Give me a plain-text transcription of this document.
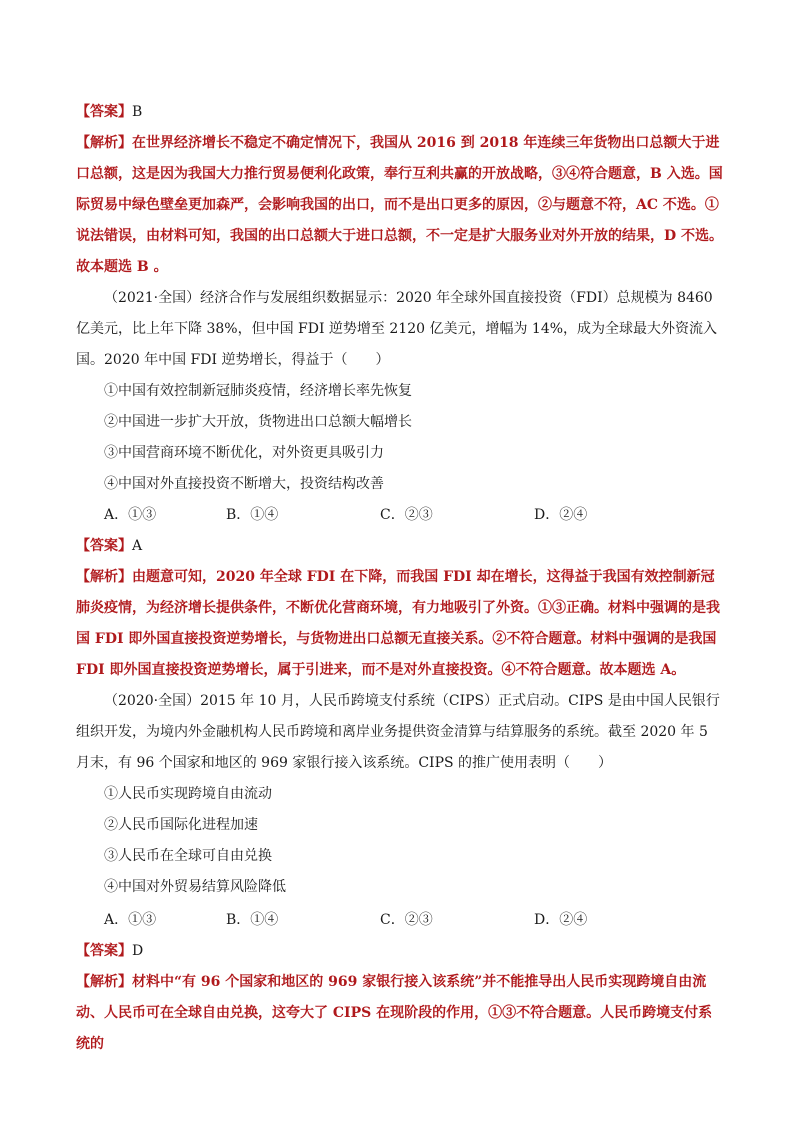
【答案】B
【解析】在世界经济增长不稳定不确定情况下，我国从 2016 到 2018 年连续三年货物出口总额大于进口总额，这是因为我国大力推行贸易便利化政策，奉行互利共赢的开放战略，③④符合题意，B 入选。国际贸易中绿色壁垒更加森严，会影响我国的出口，而不是出口更多的原因，②与题意不符，AC 不选。①说法错误，由材料可知，我国的出口总额大于进口总额，不一定是扩大服务业对外开放的结果，D 不选。故本题选 B 。
（2021·全国）经济合作与发展组织数据显示：2020 年全球外国直接投资（FDI）总规模为 8460 亿美元，比上年下降 38%，但中国 FDI 逆势增至 2120 亿美元，增幅为 14%，成为全球最大外资流入国。2020 年中国 FDI 逆势增长，得益于（　　）
①中国有效控制新冠肺炎疫情，经济增长率先恢复
②中国进一步扩大开放，货物进出口总额大幅增长
③中国营商环境不断优化，对外资更具吸引力
④中国对外直接投资不断增大，投资结构改善
A．①③	B．①④	C．②③	D．②④
【答案】A
【解析】由题意可知，2020 年全球 FDI 在下降，而我国 FDI 却在增长，这得益于我国有效控制新冠肺炎疫情，为经济增长提供条件，不断优化营商环境，有力地吸引了外资。①③正确。材料中强调的是我国 FDI 即外国直接投资逆势增长，与货物进出口总额无直接关系。②不符合题意。材料中强调的是我国 FDI 即外国直接投资逆势增长，属于引进来，而不是对外直接投资。④不符合题意。故本题选 A。
（2020·全国）2015 年 10 月，人民币跨境支付系统（CIPS）正式启动。CIPS 是由中国人民银行组织开发，为境内外金融机构人民币跨境和离岸业务提供资金清算与结算服务的系统。截至 2020 年 5 月末，有 96 个国家和地区的 969 家银行接入该系统。CIPS 的推广使用表明（　　）
①人民币实现跨境自由流动
②人民币国际化进程加速
③人民币在全球可自由兑换
④中国对外贸易结算风险降低
A．①③	B．①④	C．②③	D．②④
【答案】D
【解析】材料中“有 96 个国家和地区的 969 家银行接入该系统”并不能推导出人民币实现跨境自由流动、人民币可在全球自由兑换，这夸大了 CIPS 在现阶段的作用，①③不符合题意。人民币跨境支付系统的
